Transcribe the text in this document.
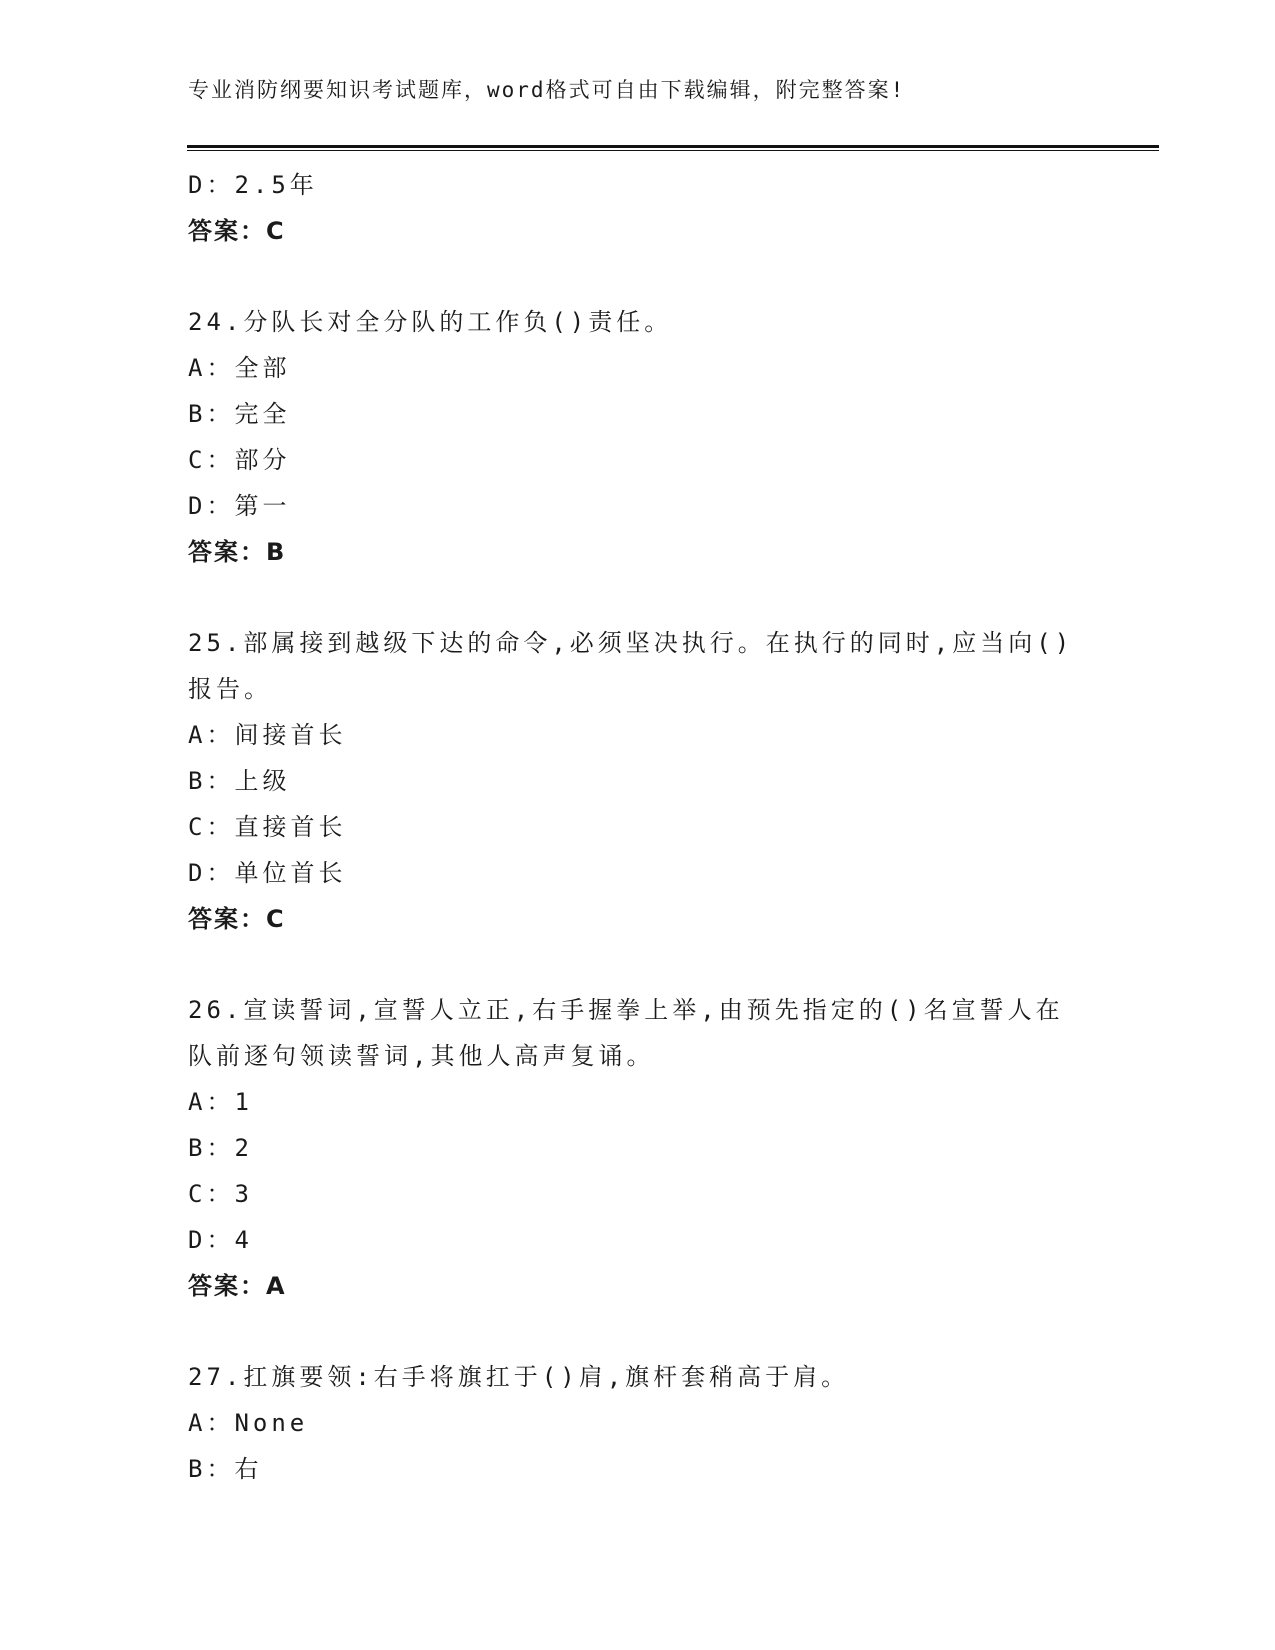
专业消防纲要知识考试题库，word格式可自由下载编辑，附完整答案!
D：2.5年
答案：C
24.分队长对全分队的工作负()责任。
A：全部
B：完全
C：部分
D：第一
答案：B
25.部属接到越级下达的命令,必须坚决执行。在执行的同时,应当向()
报告。
A：间接首长
B：上级
C：直接首长
D：单位首长
答案：C
26.宣读誓词,宣誓人立正,右手握拳上举,由预先指定的()名宣誓人在
队前逐句领读誓词,其他人高声复诵。
A：1
B：2
C：3
D：4
答案：A
27.扛旗要领:右手将旗扛于()肩,旗杆套稍高于肩。
A：None
B：右
